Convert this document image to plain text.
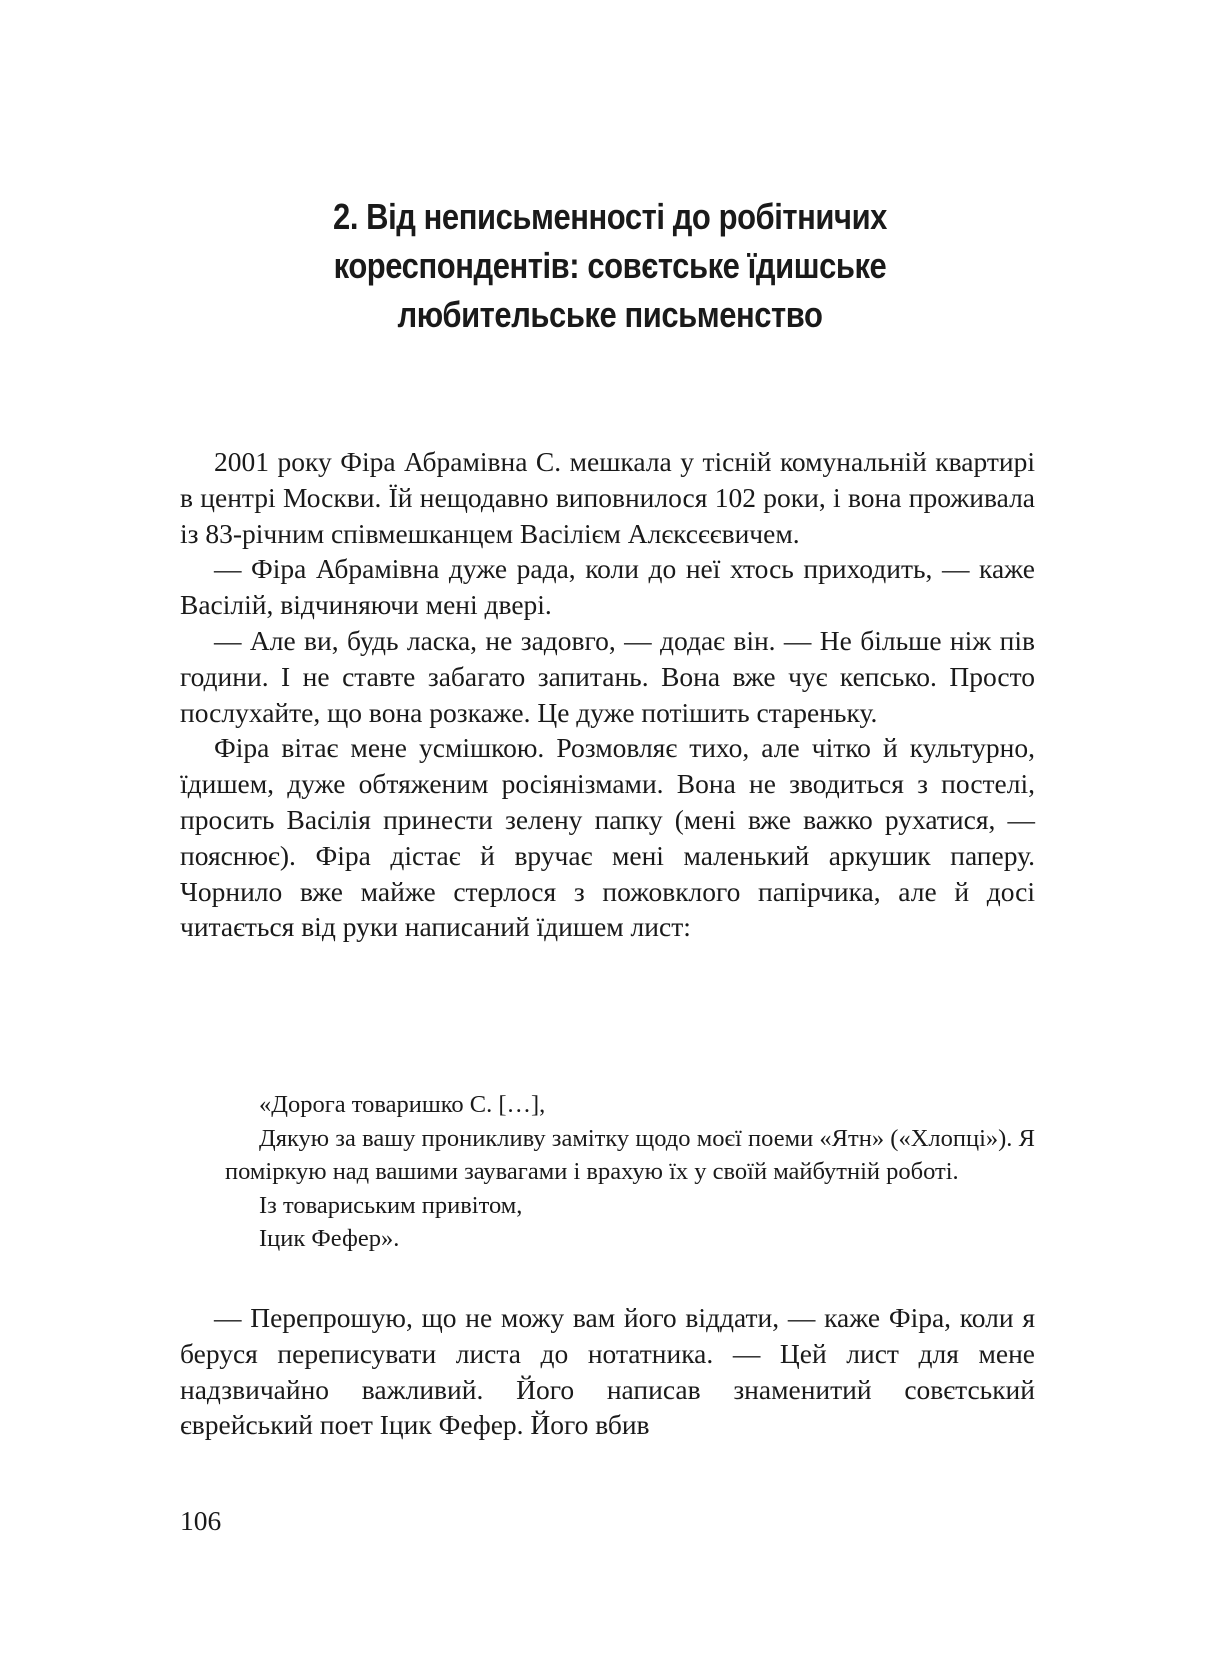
2. Від неписьменності до робітничих
кореспондентів: совєтське їдишське
любительське письменство

2001 року Фіра Абрамівна С. мешкала у тісній комунальній квартирі в центрі Москви. Їй нещодавно виповнилося 102 роки, і вона проживала із 83-річним співмешканцем Васілієм Алєксєєвичем.

— Фіра Абрамівна дуже рада, коли до неї хтось приходить, — каже Васілій, відчиняючи мені двері.

— Але ви, будь ласка, не задовго, — додає він. — Не більше ніж пів години. І не ставте забагато запитань. Вона вже чує кепсько. Просто послухайте, що вона розкаже. Це дуже потішить стареньку.

Фіра вітає мене усмішкою. Розмовляє тихо, але чітко й культурно, їдишем, дуже обтяженим росіянізмами. Вона не зводиться з постелі, просить Васілія принести зелену папку (мені вже важко рухатися, — пояснює). Фіра дістає й вручає мені маленький аркушик паперу. Чорнило вже майже стерлося з пожовклого папірчика, але й досі читається від руки написаний їдишем лист:

«Дорога товаришко С. […],

Дякую за вашу проникливу замітку щодо моєї поеми «Ятн» («Хлопці»). Я поміркую над вашими заувагами і врахую їх у своїй майбутній роботі.

Із товариським привітом,

Іцик Фефер».

— Перепрошую, що не можу вам його віддати, — каже Фіра, коли я беруся переписувати листа до нотатника. — Цей лист для мене надзвичайно важливий. Його написав знаменитий совєтський єврейський поет Іцик Фефер. Його вбив

106
